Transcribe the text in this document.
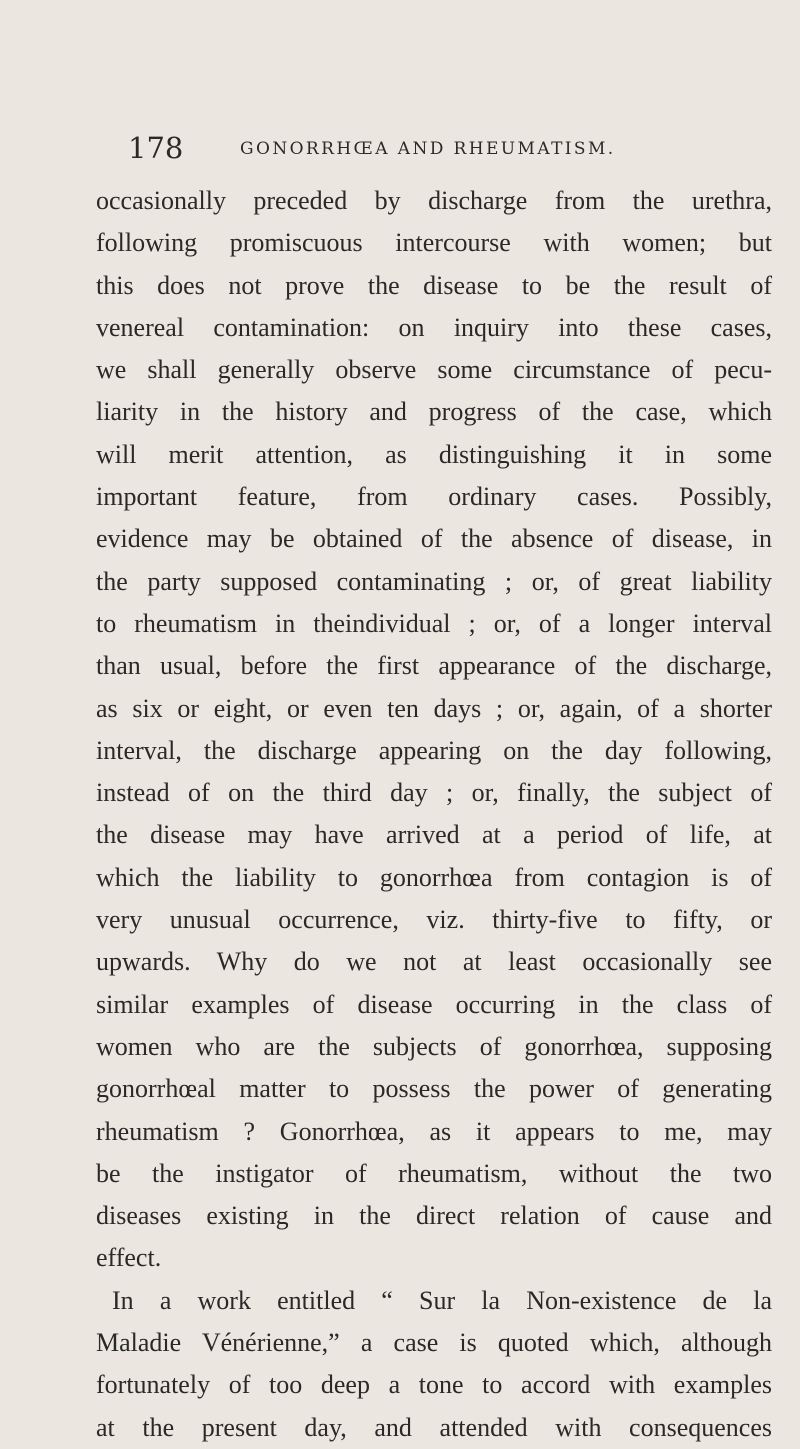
178	GONORRHŒA AND RHEUMATISM.
occasionally preceded by discharge from the urethra,
following promiscuous intercourse with women; but
this does not prove the disease to be the result of
venereal contamination: on inquiry into these cases,
we shall generally observe some circumstance of pecu-
liarity in the history and progress of the case, which
will merit attention, as distinguishing it in some
important feature, from ordinary cases. Possibly,
evidence may be obtained of the absence of disease, in
the party supposed contaminating ; or, of great liability
to rheumatism in theindividual ; or, of a longer interval
than usual, before the first appearance of the discharge,
as six or eight, or even ten days ; or, again, of a shorter
interval, the discharge appearing on the day following,
instead of on the third day ; or, finally, the subject of
the disease may have arrived at a period of life, at
which the liability to gonorrhœa from contagion is of
very unusual occurrence, viz. thirty-five to fifty, or
upwards. Why do we not at least occasionally see
similar examples of disease occurring in the class of
women who are the subjects of gonorrhœa, supposing
gonorrhœal matter to possess the power of generating
rheumatism ? Gonorrhœa, as it appears to me, may
be the instigator of rheumatism, without the two
diseases existing in the direct relation of cause and
effect.
In a work entitled “ Sur la Non-existence de la
Maladie Vénérienne,” a case is quoted which, although
fortunately of too deep a tone to accord with examples
at the present day, and attended with consequences
